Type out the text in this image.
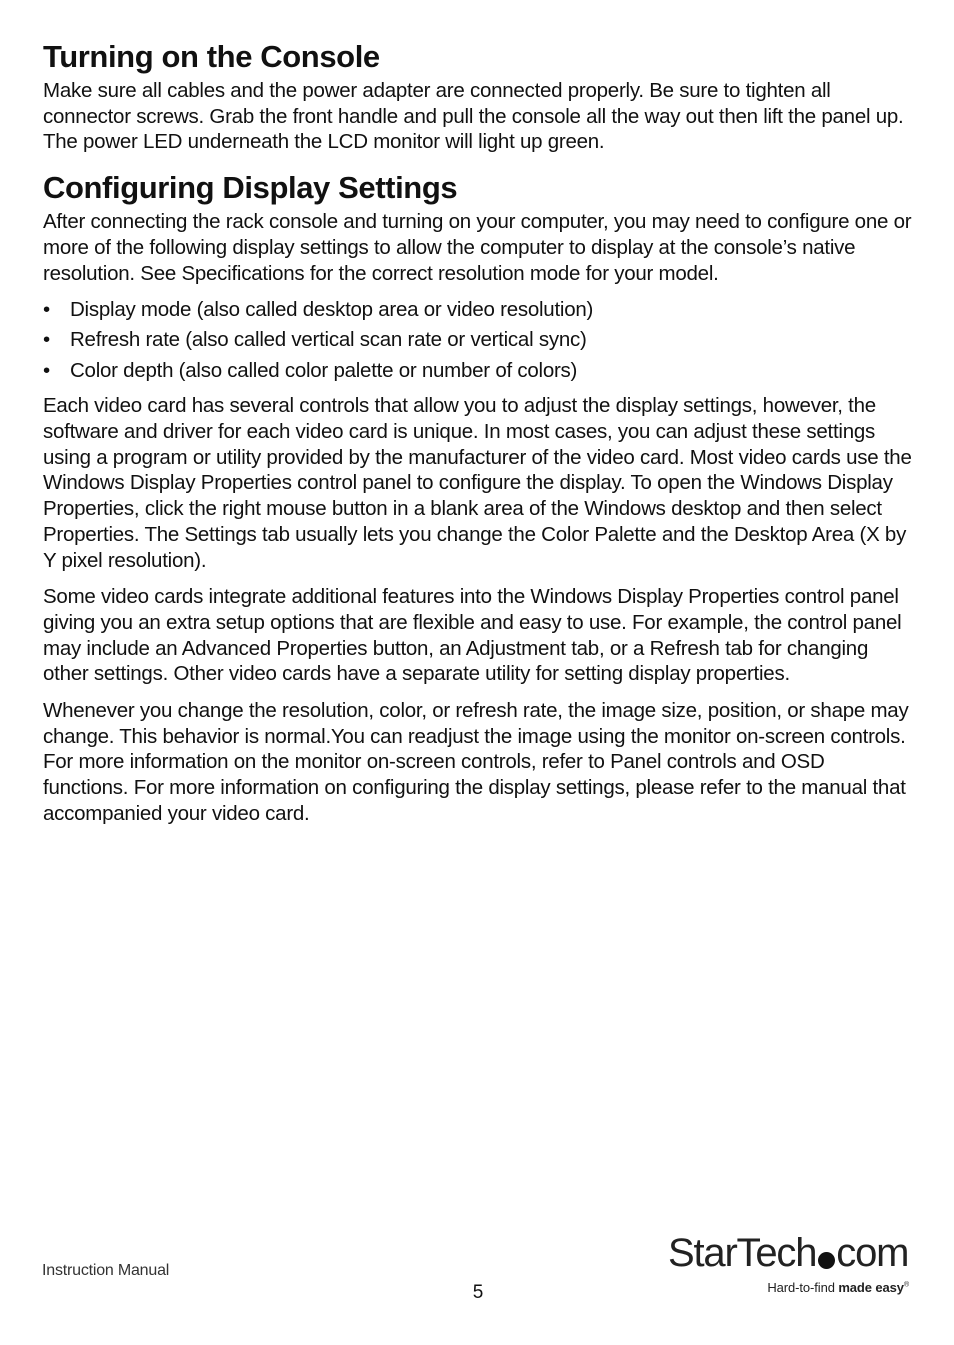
Turning on the Console

Make sure all cables and the power adapter are connected properly. Be sure to tighten all connector screws. Grab the front handle and pull the console all the way out then lift the panel up. The power LED underneath the LCD monitor will light up green.

Configuring Display Settings

After connecting the rack console and turning on your computer, you may need to configure one or more of the following display settings to allow the computer to display at the console’s native resolution. See Specifications for the correct resolution mode for your model.

• Display mode (also called desktop area or video resolution)
• Refresh rate (also called vertical scan rate or vertical sync)
• Color depth (also called color palette or number of colors)

Each video card has several controls that allow you to adjust the display settings, however, the software and driver for each video card is unique. In most cases, you can adjust these settings using a program or utility provided by the manufacturer of the video card. Most video cards use the Windows Display Properties control panel to configure the display. To open the Windows Display Properties, click the right mouse button in a blank area of the Windows desktop and then select Properties. The Settings tab usually lets you change the Color Palette and the Desktop Area (X by Y pixel resolution).

Some video cards integrate additional features into the Windows Display Properties control panel giving you an extra setup options that are flexible and easy to use. For example, the control panel may include an Advanced Properties button, an Adjustment tab, or a Refresh tab for changing other settings. Other video cards have a separate utility for setting display properties.

Whenever you change the resolution, color, or refresh rate, the image size, position, or shape may change. This behavior is normal.You can readjust the image using the monitor on-screen controls. For more information on the monitor on-screen controls, refer to Panel controls and OSD functions. For more information on configuring the display settings, please refer to the manual that accompanied your video card.

Instruction Manual
5
StarTech com
Hard-to-find made easy®
